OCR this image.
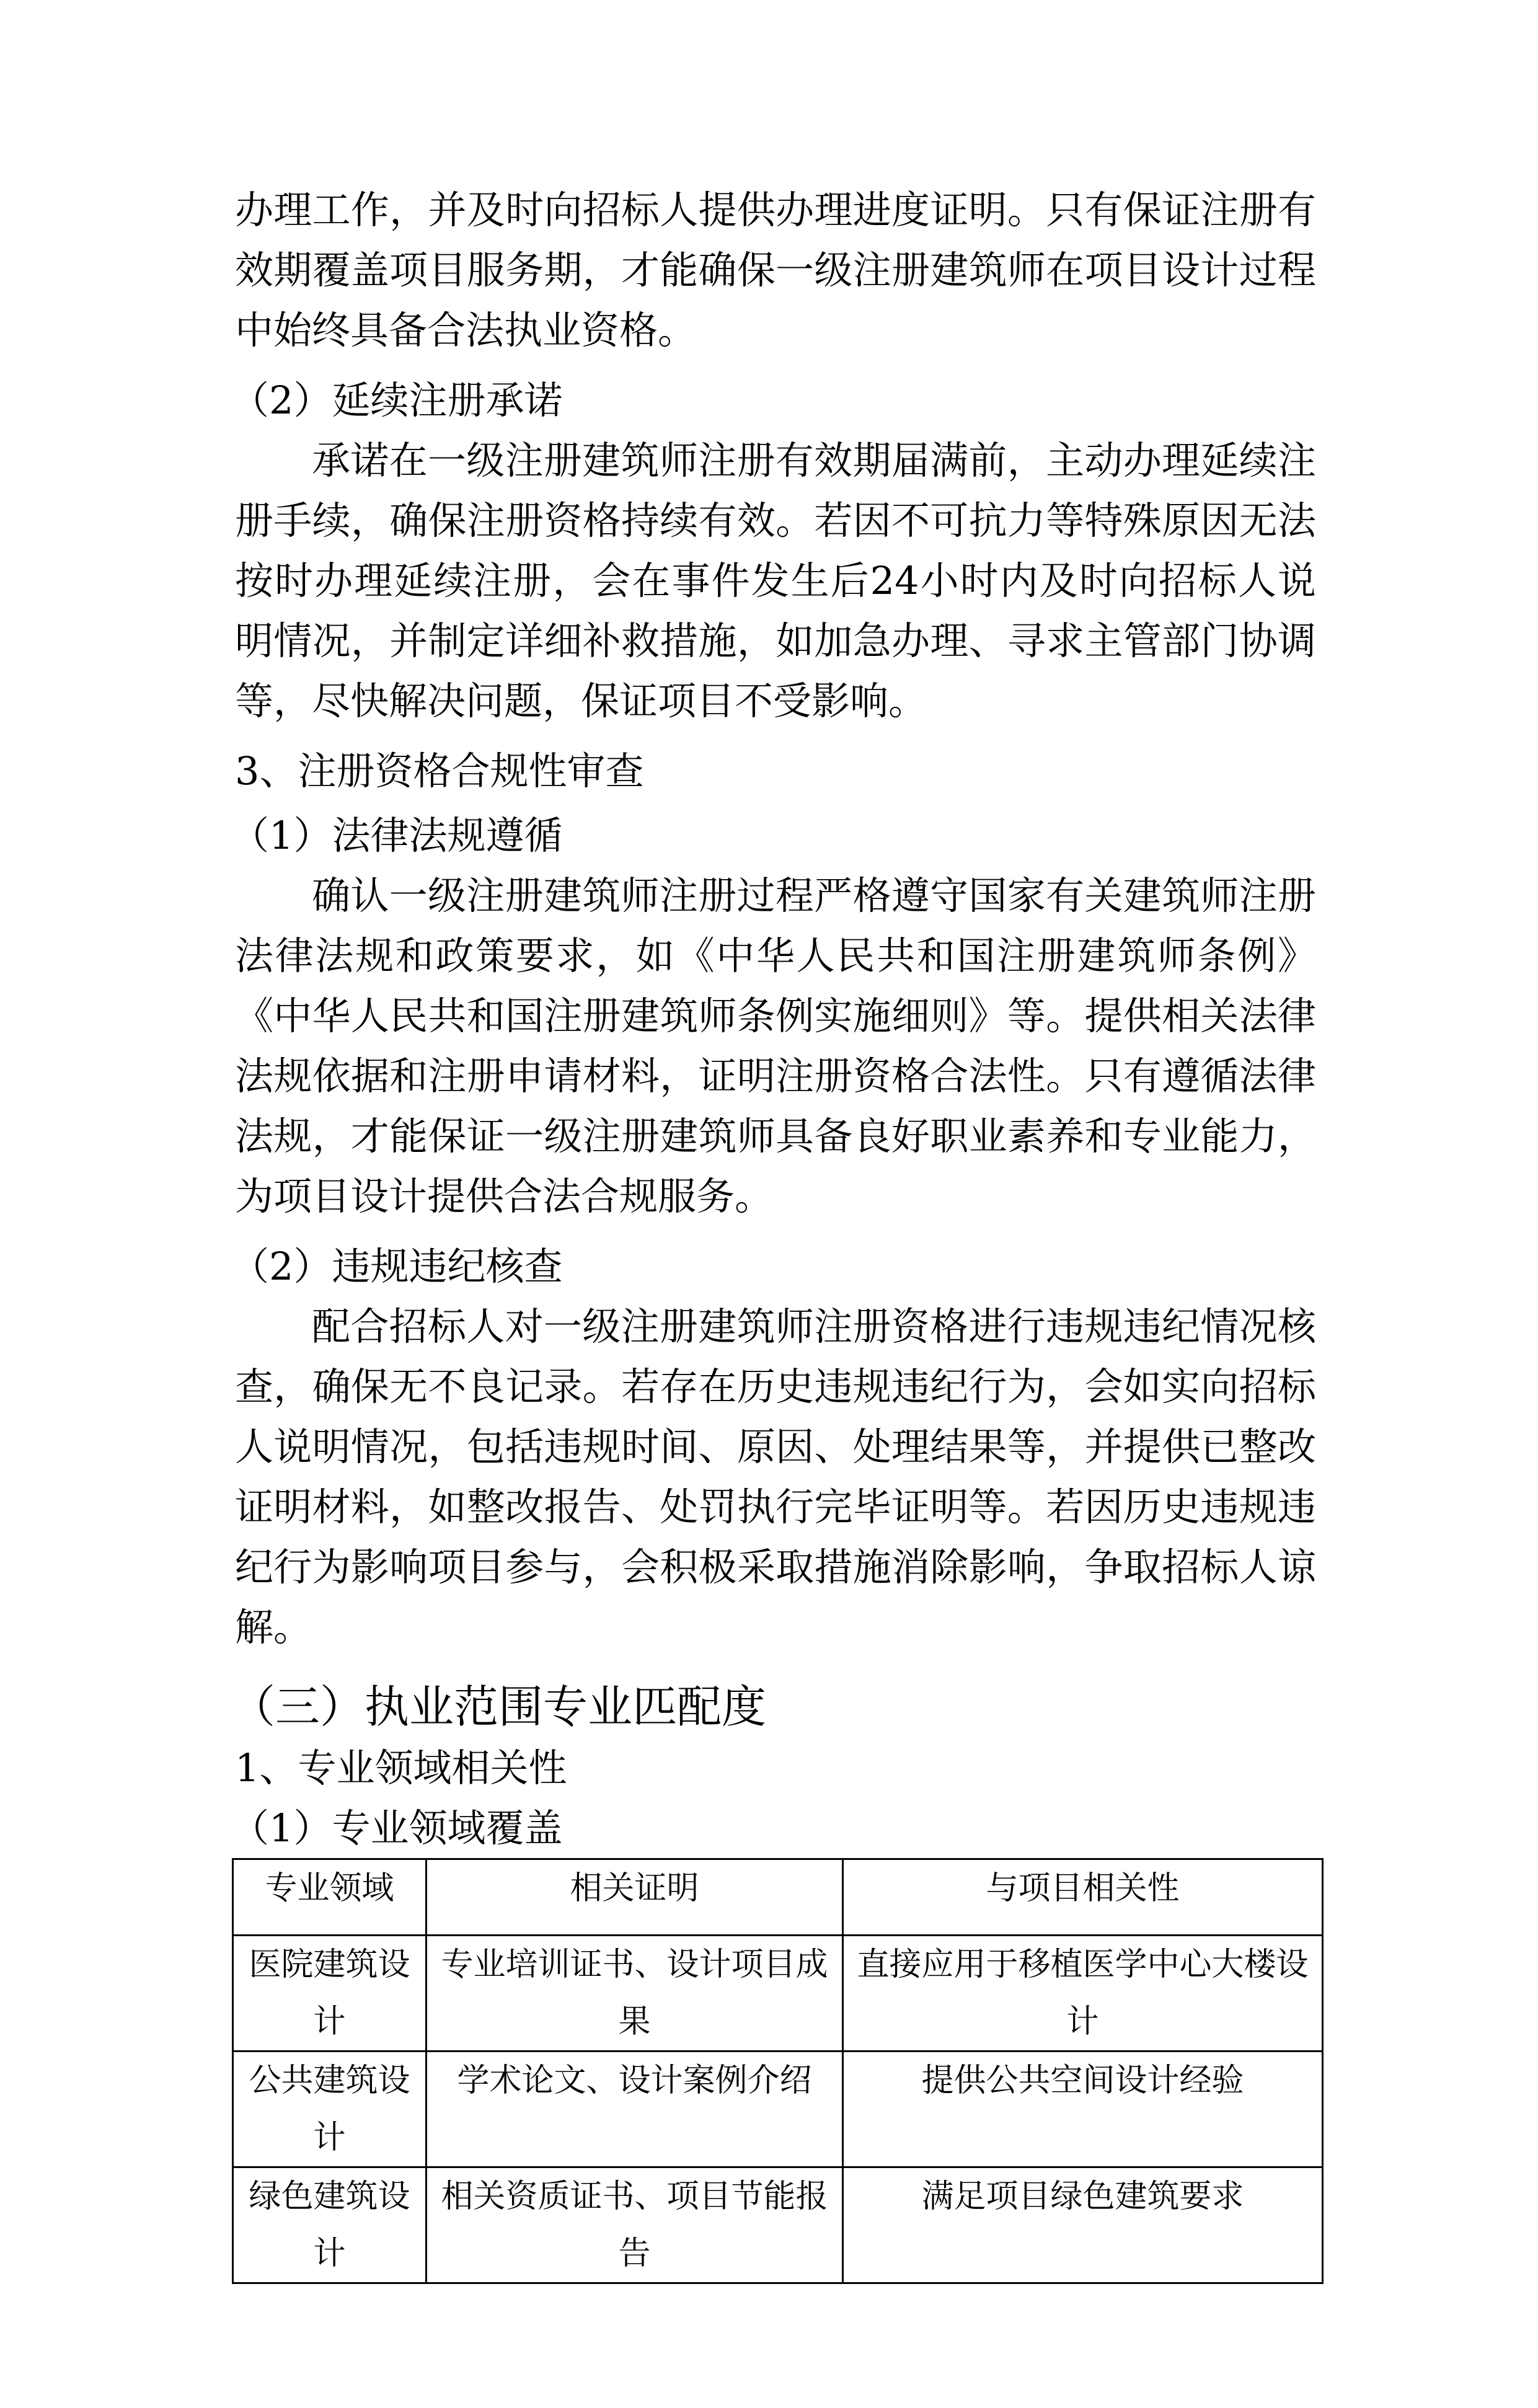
办理工作，并及时向招标人提供办理进度证明。只有保证注册有效期覆盖项目服务期，才能确保一级注册建筑师在项目设计过程中始终具备合法执业资格。

（2）延续注册承诺

承诺在一级注册建筑师注册有效期届满前，主动办理延续注册手续，确保注册资格持续有效。若因不可抗力等特殊原因无法按时办理延续注册，会在事件发生后24小时内及时向招标人说明情况，并制定详细补救措施，如加急办理、寻求主管部门协调等，尽快解决问题，保证项目不受影响。

3、注册资格合规性审查

（1）法律法规遵循

确认一级注册建筑师注册过程严格遵守国家有关建筑师注册法律法规和政策要求，如《中华人民共和国注册建筑师条例》《中华人民共和国注册建筑师条例实施细则》等。提供相关法律法规依据和注册申请材料，证明注册资格合法性。只有遵循法律法规，才能保证一级注册建筑师具备良好职业素养和专业能力，为项目设计提供合法合规服务。

（2）违规违纪核查

配合招标人对一级注册建筑师注册资格进行违规违纪情况核查，确保无不良记录。若存在历史违规违纪行为，会如实向招标人说明情况，包括违规时间、原因、处理结果等，并提供已整改证明材料，如整改报告、处罚执行完毕证明等。若因历史违规违纪行为影响项目参与，会积极采取措施消除影响，争取招标人谅解。

（三）执业范围专业匹配度

1、专业领域相关性

（1）专业领域覆盖

专业领域	相关证明	与项目相关性
医院建筑设计	专业培训证书、设计项目成果	直接应用于移植医学中心大楼设计
公共建筑设计	学术论文、设计案例介绍	提供公共空间设计经验
绿色建筑设计	相关资质证书、项目节能报告	满足项目绿色建筑要求
